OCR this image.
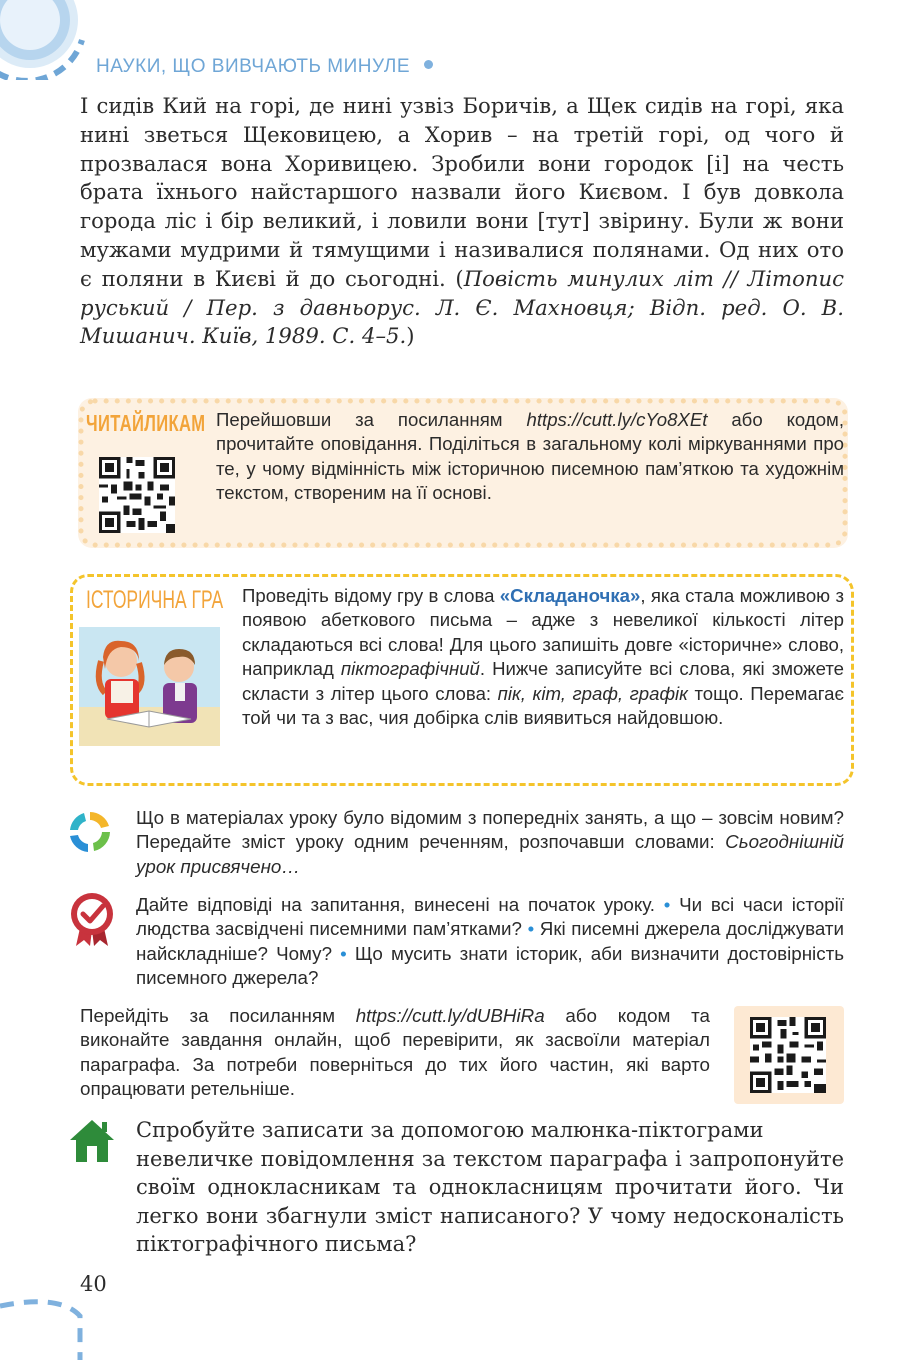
НАУКИ, ЩО ВИВЧАЮТЬ МИНУЛЕ
І сидів Кий на горі, де нині узвіз Боричів, а Щек сидів на горі, яка нині зветься Щековицею, а Хорив – на третій горі, од чого й прозвалася вона Хоривицею. Зробили вони городок [і] на честь брата їхнього найстаршого назвали його Києвом. І був довкола города ліс і бір великий, і ловили вони [тут] звірину. Були ж вони мужами мудрими й тямущими і називалися полянами. Од них ото є поляни в Києві й до сьогодні. (Повість минулих літ // Літопис руський / Пер. з давньорус. Л. Є. Махновця; Відп. ред. О. В. Мишанич. Київ, 1989. С. 4–5.)
ЧИТАЙЛИКАМ Перейшовши за посиланням https://cutt.ly/cYo8XEt або кодом, прочитайте оповідання. Поділіться в загальному колі міркуваннями про те, у чому відмінність між історичною писемною пам’яткою та художнім текстом, створеним на її основі.
ІСТОРИЧНА ГРА Проведіть відому гру в слова «Складаночка», яка стала можливою з появою абеткового письма – адже з невеликої кількості літер складаються всі слова! Для цього запишіть довге «історичне» слово, наприклад піктографічний. Нижче записуйте всі слова, які зможете скласти з літер цього слова: пік, кіт, граф, графік тощо. Перемагає той чи та з вас, чия добірка слів виявиться найдовшою.
Що в матеріалах уроку було відомим з попередніх занять, а що – зовсім новим? Передайте зміст уроку одним реченням, розпочавши словами: Сьогоднішній урок присвячено…
Дайте відповіді на запитання, винесені на початок уроку. • Чи всі часи історії людства засвідчені писемними пам’ятками? • Які писемні джерела досліджувати найскладніше? Чому? • Що мусить знати історик, аби визначити достовірність писемного джерела?
Перейдіть за посиланням https://cutt.ly/dUBHiRa або кодом та виконайте завдання онлайн, щоб перевірити, як засвоїли матеріал параграфа. За потреби поверніться до тих його частин, які варто опрацювати ретельніше.
Спробуйте записати за допомогою малюнка-піктограми
невеличке повідомлення за текстом параграфа і запропонуйте своїм однокласникам та однокласницям прочитати його. Чи легко вони збагнули зміст написаного? У чому недосконалість піктографічного письма?
40
